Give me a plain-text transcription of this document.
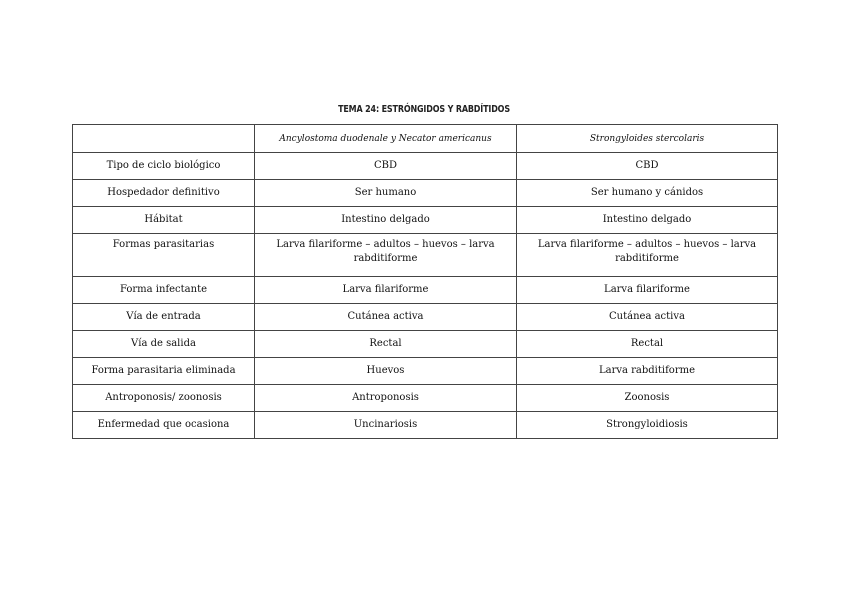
TEMA 24: ESTRÓNGIDOS Y RABDÍTIDOS
	Ancylostoma duodenale y Necator americanus	Strongyloides stercolaris
Tipo de ciclo biológico	CBD	CBD
Hospedador definitivo	Ser humano	Ser humano y cánidos
Hábitat	Intestino delgado	Intestino delgado
Formas parasitarias	Larva filariforme – adultos – huevos – larva rabditiforme	Larva filariforme – adultos – huevos – larva rabditiforme
Forma infectante	Larva filariforme	Larva filariforme
Vía de entrada	Cutánea activa	Cutánea activa
Vía de salida	Rectal	Rectal
Forma parasitaria eliminada	Huevos	Larva rabditiforme
Antroponosis/ zoonosis	Antroponosis	Zoonosis
Enfermedad que ocasiona	Uncinariosis	Strongyloidiosis
